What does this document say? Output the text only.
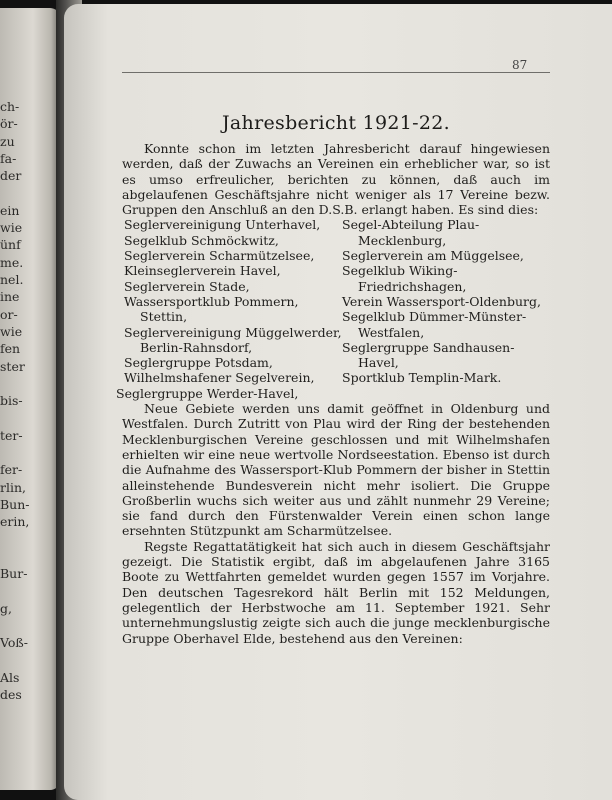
ch-
ör-
zu
fa-
der
ein
wie
ünf
me.
nel.
ine
or-
wie
fen
ster
bis-
ter-
fer-
rlin,
Bun-
erin,
Bur-
g,
Voß-
Als
des
87
Jahresbericht 1921-22.

Konnte schon im letzten Jahresbericht darauf hingewiesen werden, daß der Zuwachs an Vereinen ein erheblicher war, so ist es umso erfreulicher, berichten zu können, daß auch im abgelaufenen Geschäftsjahre nicht weniger als 17 Vereine bezw. Gruppen den Anschluß an den D.S.B. erlangt haben. Es sind dies:

Seglervereinigung Unterhavel,
Segelklub Schmöckwitz,
Seglerverein Scharmützelsee,
Kleinseglerverein Havel,
Seglerverein Stade,
Wassersportklub Pommern, Stettin,
Seglervereinigung Müggelwerder, Berlin-Rahnsdorf,
Seglergruppe Potsdam,
Wilhelmshafener Segelverein,
Seglergruppe Werder-Havel,
Segel-Abteilung Plau-Mecklenburg,
Seglerverein am Müggelsee,
Segelklub Wiking-Friedrichshagen,
Verein Wassersport-Oldenburg,
Segelklub Dümmer-Münster-Westfalen,
Seglergruppe Sandhausen-Havel,
Sportklub Templin-Mark.

Neue Gebiete werden uns damit geöffnet in Oldenburg und Westfalen. Durch Zutritt von Plau wird der Ring der bestehenden Mecklenburgischen Vereine geschlossen und mit Wilhelmshafen erhielten wir eine neue wertvolle Nordseestation. Ebenso ist durch die Aufnahme des Wassersport-Klub Pommern der bisher in Stettin alleinstehende Bundesverein nicht mehr isoliert. Die Gruppe Großberlin wuchs sich weiter aus und zählt nunmehr 29 Vereine; sie fand durch den Fürstenwalder Verein einen schon lange ersehnten Stützpunkt am Scharmützelsee.

Regste Regattatätigkeit hat sich auch in diesem Geschäftsjahr gezeigt. Die Statistik ergibt, daß im abgelaufenen Jahre 3165 Boote zu Wettfahrten gemeldet wurden gegen 1557 im Vorjahre. Den deutschen Tagesrekord hält Berlin mit 152 Meldungen, gelegentlich der Herbstwoche am 11. September 1921. Sehr unternehmungslustig zeigte sich auch die junge mecklenburgische Gruppe Oberhavel Elde, bestehend aus den Vereinen:
